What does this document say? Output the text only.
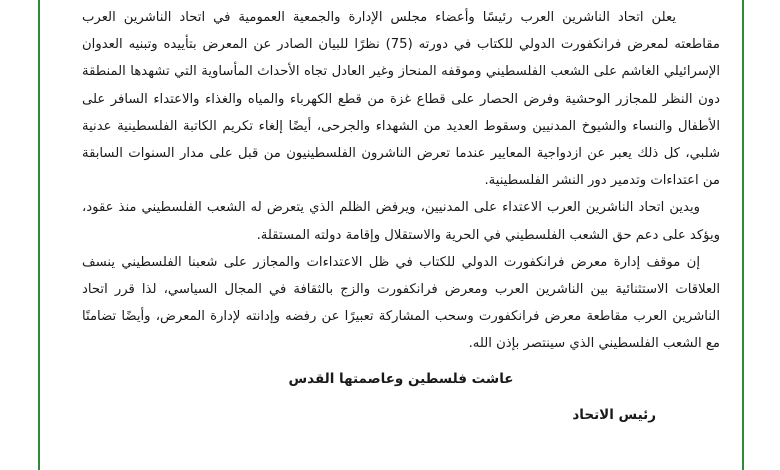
يعلن اتحاد الناشرين العرب رئيسًا وأعضاء مجلس الإدارة والجمعية العمومية في اتحاد الناشرين العرب مقاطعته لمعرض فرانكفورت الدولي للكتاب في دورته (75) نظرًا للبيان الصادر عن المعرض بتأييده وتبنيه العدوان الإسرائيلي الغاشم على الشعب الفلسطيني وموقفه المنحاز وغير العادل تجاه الأحداث المأساوية التي تشهدها المنطقة دون النظر للمجازر الوحشية وفرض الحصار على قطاع غزة من قطع الكهرباء والمياه والغذاء والاعتداء السافر على الأطفال والنساء والشيوخ المدنيين وسقوط العديد من الشهداء والجرحى، أيضًا إلغاء تكريم الكاتبة الفلسطينية عدنية شلبي، كل ذلك يعبر عن ازدواجية المعايير عندما تعرض الناشرون الفلسطينيون من قبل على مدار السنوات السابقة من اعتداءات وتدمير دور النشر الفلسطينية.

ويدين اتحاد الناشرين العرب الاعتداء على المدنيين، ويرفض الظلم الذي يتعرض له الشعب الفلسطيني منذ عقود، ويؤكد على دعم حق الشعب الفلسطيني في الحرية والاستقلال وإقامة دولته المستقلة.

إن موقف إدارة معرض فرانكفورت الدولي للكتاب في ظل الاعتداءات والمجازر على شعبنا الفلسطيني ينسف العلاقات الاستثنائية بين الناشرين العرب ومعرض فرانكفورت والزج بالثقافة في المجال السياسي، لذا قرر اتحاد الناشرين العرب مقاطعة معرض فرانكفورت وسحب المشاركة تعبيرًا عن رفضه وإدانته لإدارة المعرض، وأيضًا تضامنًا مع الشعب الفلسطيني الذي سينتصر بإذن الله.

عاشت فلسطين وعاصمتها القدس

رئيس الاتحاد
